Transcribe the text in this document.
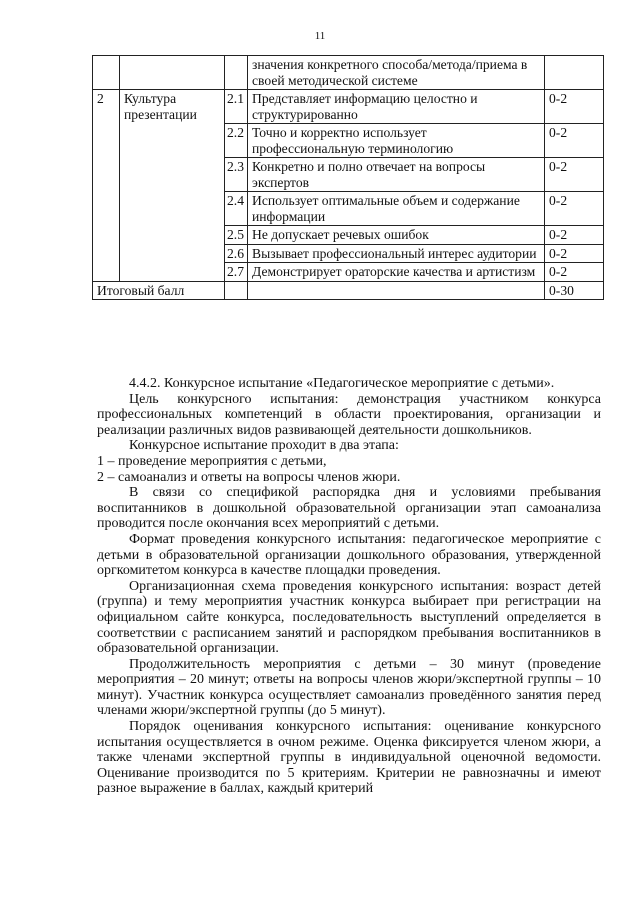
11
			значения конкретного способа/метода/приема в своей методической системе	
2	Культура презентации	2.1	Представляет информацию целостно и структурированно	0-2
		2.2	Точно и корректно использует профессиональную терминологию	0-2
		2.3	Конкретно и полно отвечает на вопросы экспертов	0-2
		2.4	Использует оптимальные объем и содержание информации	0-2
		2.5	Не допускает речевых ошибок	0-2
		2.6	Вызывает профессиональный интерес аудитории	0-2
		2.7	Демонстрирует ораторские качества и артистизм	0-2
Итоговый балл				0-30

4.4.2. Конкурсное испытание «Педагогическое мероприятие с детьми».

Цель конкурсного испытания: демонстрация участником конкурса профессиональных компетенций в области проектирования, организации и реализации различных видов развивающей деятельности дошкольников.

Конкурсное испытание проходит в два этапа:

1 – проведение мероприятия с детьми,

2 – самоанализ и ответы на вопросы членов жюри.

В связи со спецификой распорядка дня и условиями пребывания воспитанников в дошкольной образовательной организации этап самоанализа проводится после окончания всех мероприятий с детьми.

Формат проведения конкурсного испытания: педагогическое мероприятие с детьми в образовательной организации дошкольного образования, утвержденной оргкомитетом конкурса в качестве площадки проведения.

Организационная схема проведения конкурсного испытания: возраст детей (группа) и тему мероприятия участник конкурса выбирает при регистрации на официальном сайте конкурса, последовательность выступлений определяется в соответствии с расписанием занятий и распорядком пребывания воспитанников в образовательной организации.

Продолжительность мероприятия с детьми – 30 минут (проведение мероприятия – 20 минут; ответы на вопросы членов жюри/экспертной группы – 10 минут). Участник конкурса осуществляет самоанализ проведённого занятия перед членами жюри/экспертной группы (до 5 минут).

Порядок оценивания конкурсного испытания: оценивание конкурсного испытания осуществляется в очном режиме. Оценка фиксируется членом жюри, а также членами экспертной группы в индивидуальной оценочной ведомости. Оценивание производится по 5 критериям. Критерии не равнозначны и имеют разное выражение в баллах, каждый критерий
